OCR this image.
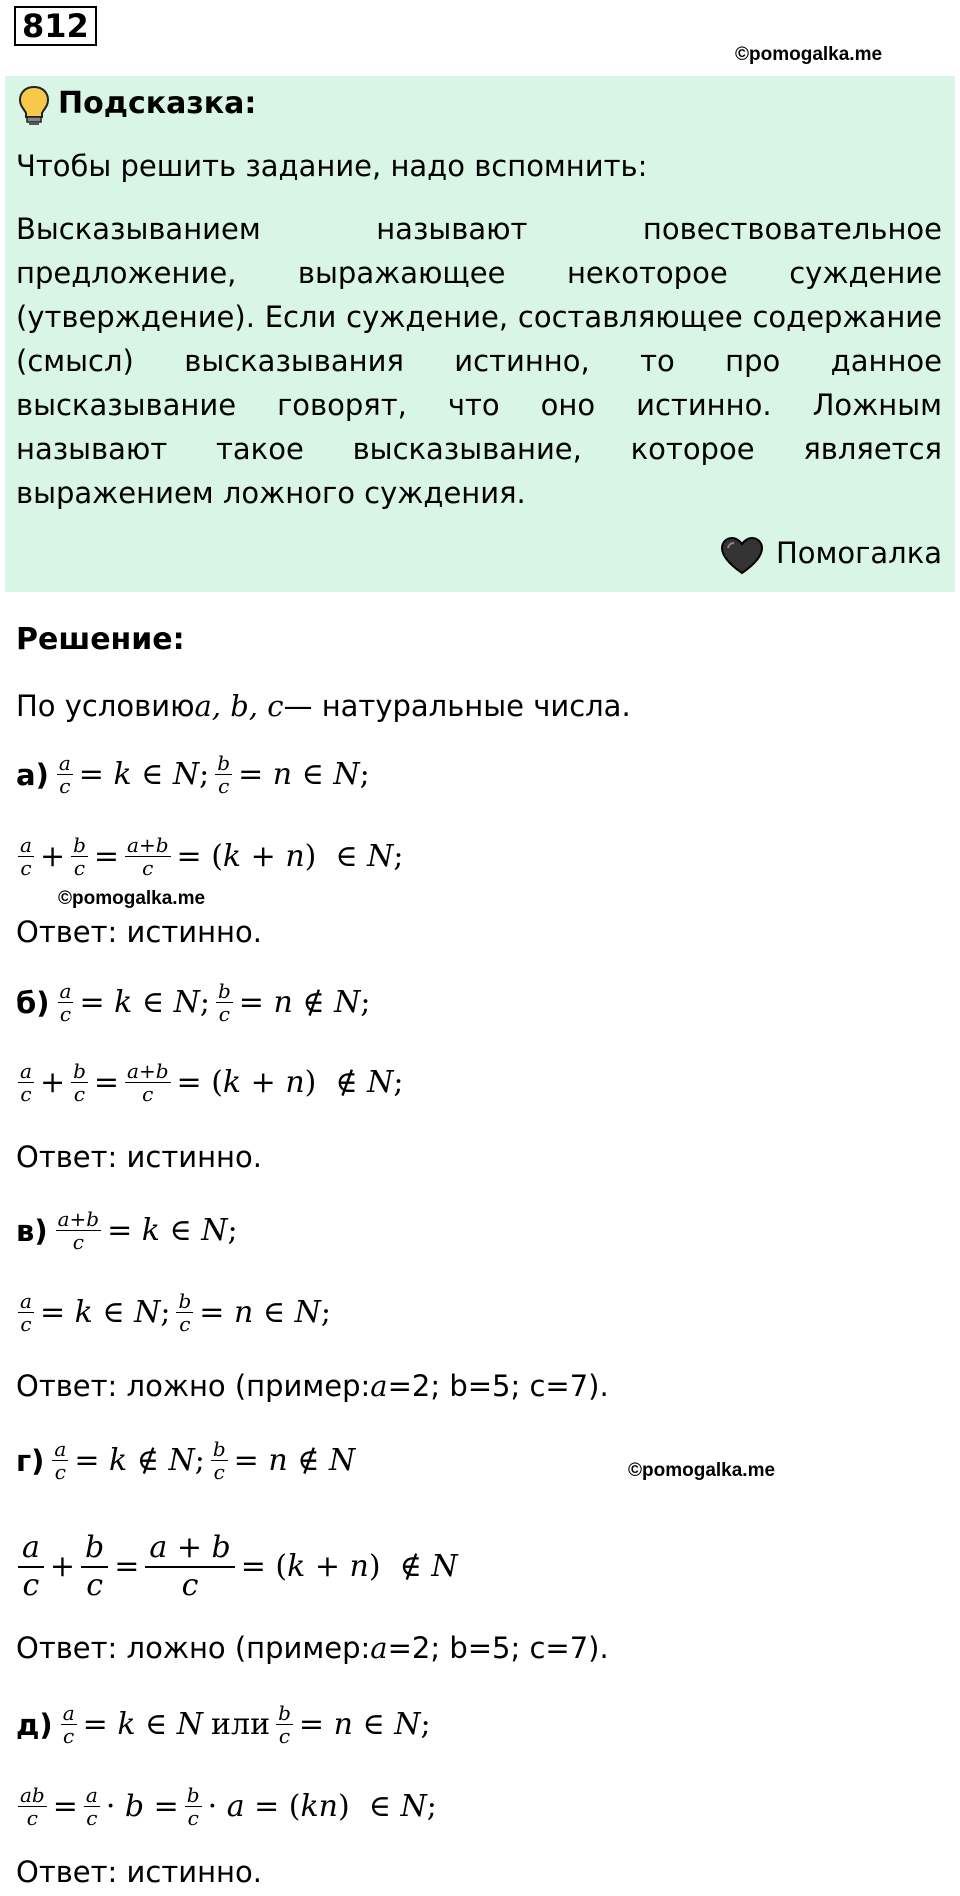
812
©pomogalka.me
Подсказка:
Чтобы решить задание, надо вспомнить:
Высказыванием называют повествовательное
предложение, выражающее некоторое суждение
(утверждение). Если суждение, составляющее содержание
(смысл) высказывания истинно, то про данное
высказывание говорят, что оно истинно. Ложным
называют такое высказывание, которое является
выражением ложного суждения.
Помогалка
Решение:
По условию a, b, c — натуральные числа.
$а) \frac{a}{c} = k$ ∈ N; $\frac{b}{c} = n$ ∈ N;
$\frac{a}{c} + \frac{b}{c} = \frac{a+b}{c} = (k + n)$  ∈ N;
©pomogalka.me
Ответ: истинно.
$б) \frac{a}{c} = k$ ∈ N; $\frac{b}{c} = n$ ∉ N;
$\frac{a}{c} + \frac{b}{c} = \frac{a+b}{c} = (k + n)$  ∉ N;
Ответ: истинно.
$в) \frac{a+b}{c} = k$ ∈ N;
$\frac{a}{c} = k$ ∈ N; $\frac{b}{c} = n$ ∈ N;
Ответ: ложно (пример: a =2; b=5; c=7).
$г) \frac{a}{c} = k$ ∉ N; $\frac{b}{c} = n$ ∉ N	©pomogalka.me
$\frac{a}{c} + \frac{b}{c} = \frac{a + b}{c} = (k + n)$  ∉ N
Ответ: ложно (пример: a =2; b=5; c=7).
$д) \frac{a}{c} = k$ ∈ N или $\frac{b}{c} = n$ ∈ N;
$\frac{ab}{c} = \frac{a}{c} \cdot b = \frac{b}{c} \cdot a = (kn)$  ∈ N;
Ответ: истинно.
